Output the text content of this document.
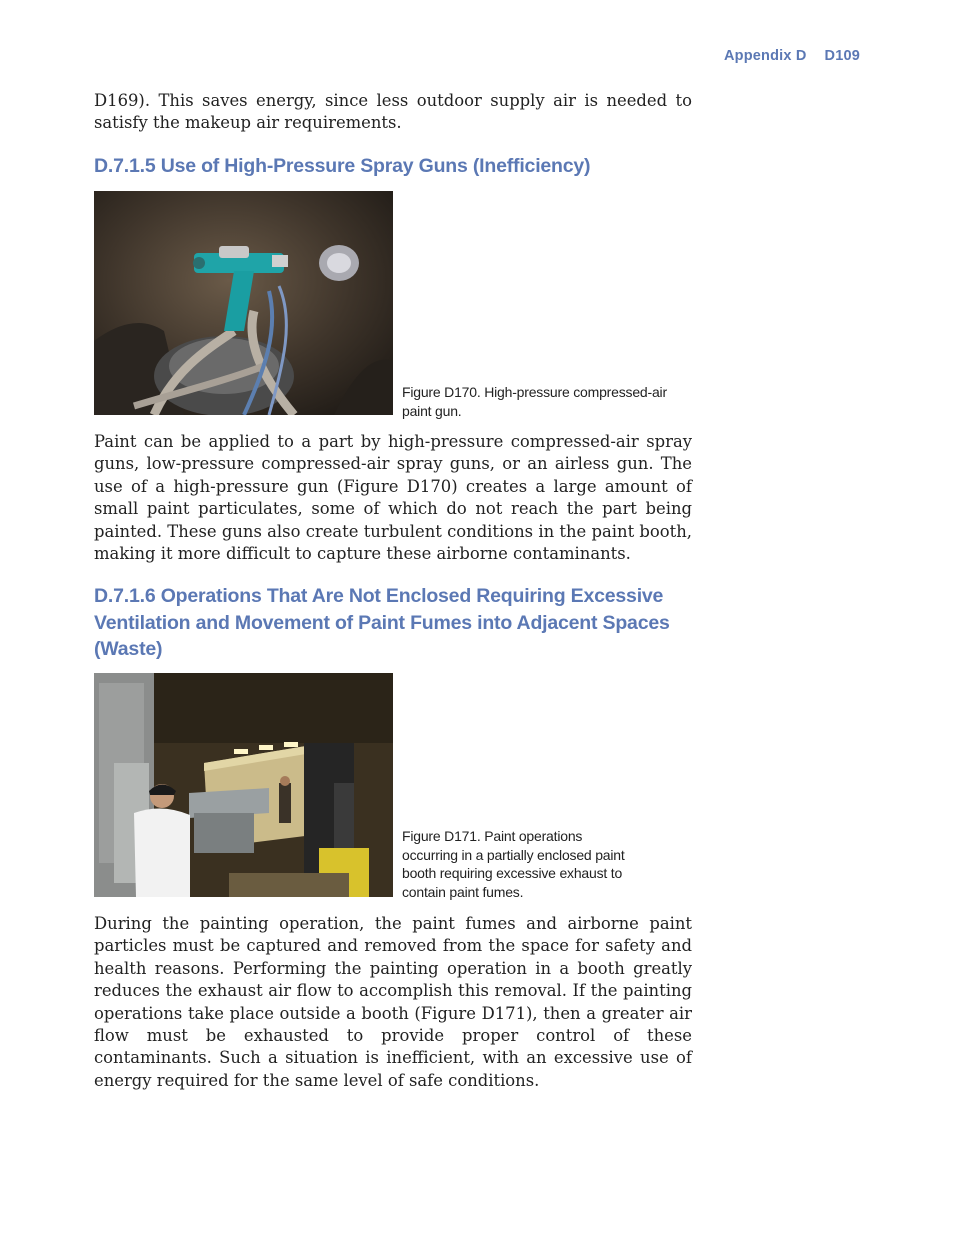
Appendix D D109

D169). This saves energy, since less outdoor supply air is needed to satisfy the makeup air requirements.

D.7.1.5 Use of High-Pressure Spray Guns (Inefficiency)

Figure D170. High-pressure compressed-air
paint gun.

Paint can be applied to a part by high-pressure compressed-air spray guns, low-pressure compressed-air spray guns, or an airless gun. The use of a high-pressure gun (Figure D170) creates a large amount of small paint particulates, some of which do not reach the part being painted. These guns also create turbulent conditions in the paint booth, making it more difficult to capture these airborne contaminants.

D.7.1.6 Operations That Are Not Enclosed Requiring Excessive
Ventilation and Movement of Paint Fumes into Adjacent Spaces
(Waste)

Figure D171. Paint operations
occurring in a partially enclosed paint
booth requiring excessive exhaust to
contain paint fumes.

During the painting operation, the paint fumes and airborne paint particles must be captured and removed from the space for safety and health reasons. Performing the painting operation in a booth greatly reduces the exhaust air flow to accomplish this removal. If the painting operations take place outside a booth (Figure D171), then a greater air flow must be exhausted to provide proper control of these contaminants. Such a situation is inefficient, with an excessive use of energy required for the same level of safe conditions.
